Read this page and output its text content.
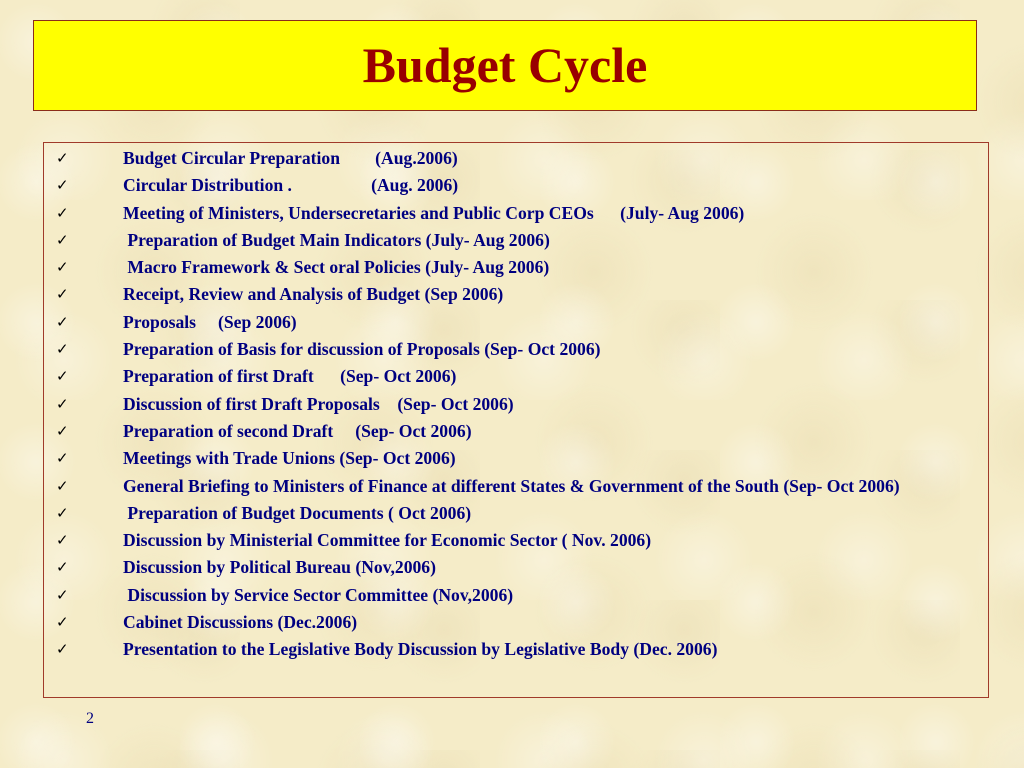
Budget Cycle
✓	Budget Circular Preparation        (Aug.2006)
✓	Circular Distribution .                  (Aug. 2006)
✓	Meeting of Ministers, Undersecretaries and Public Corp CEOs      (July- Aug 2006)
✓	Preparation of Budget Main Indicators (July- Aug 2006)
✓	Macro Framework & Sect oral Policies (July- Aug 2006)
✓	Receipt, Review and Analysis of Budget (Sep 2006)
✓	Proposals     (Sep 2006)
✓	Preparation of Basis for discussion of Proposals (Sep- Oct 2006)
✓	Preparation of first Draft      (Sep- Oct 2006)
✓	Discussion of first Draft Proposals    (Sep- Oct 2006)
✓	Preparation of second Draft     (Sep- Oct 2006)
✓	Meetings with Trade Unions (Sep- Oct 2006)
✓	General Briefing to Ministers of Finance at different States & Government of the South (Sep- Oct 2006)
✓	Preparation of Budget Documents ( Oct 2006)
✓	Discussion by Ministerial Committee for Economic Sector ( Nov. 2006)
✓	Discussion by Political Bureau (Nov,2006)
✓	Discussion by Service Sector Committee (Nov,2006)
✓	Cabinet Discussions (Dec.2006)
✓	Presentation to the Legislative Body Discussion by Legislative Body (Dec. 2006)
2
